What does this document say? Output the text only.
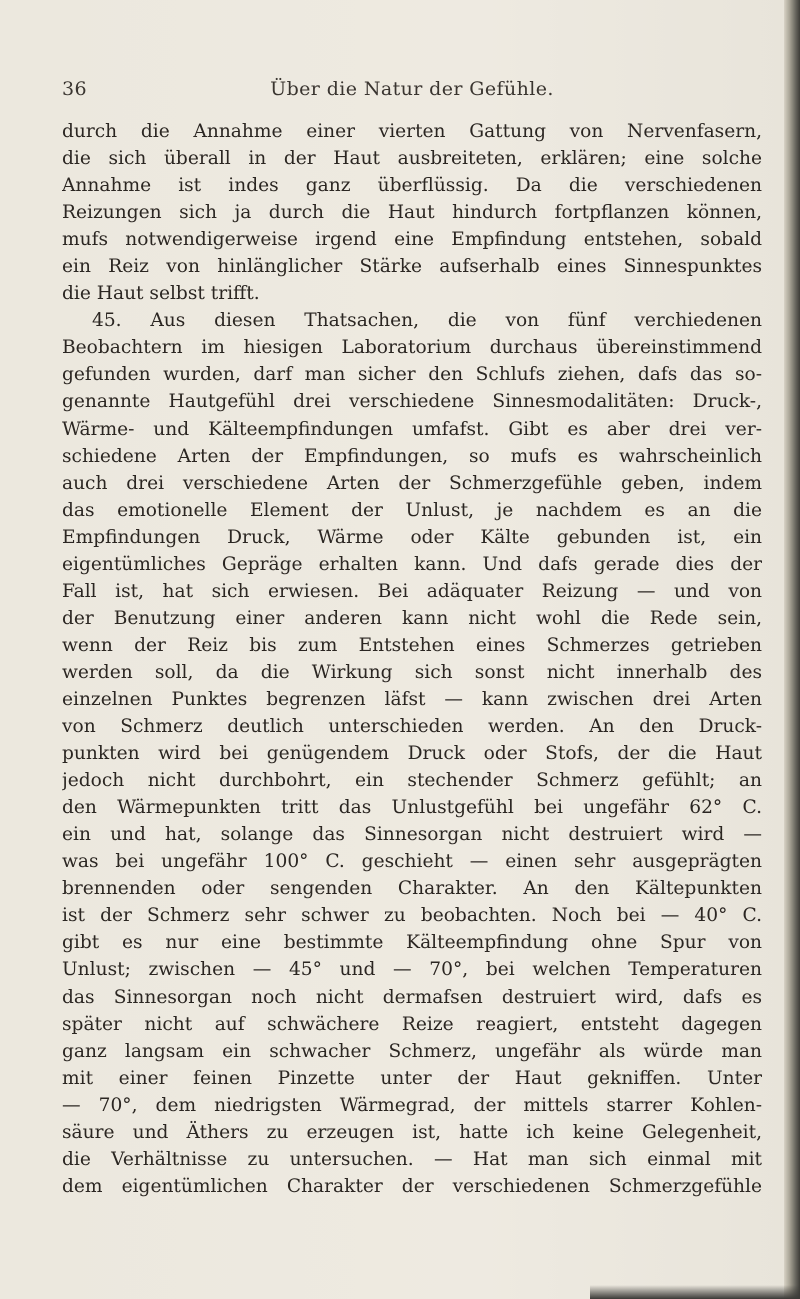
36	Über die Natur der Gefühle.
durch die Annahme einer vierten Gattung von Nervenfasern,
die sich überall in der Haut ausbreiteten, erklären; eine solche
Annahme ist indes ganz überflüssig. Da die verschiedenen
Reizungen sich ja durch die Haut hindurch fortpflanzen können,
mufs notwendigerweise irgend eine Empfindung entstehen, sobald
ein Reiz von hinlänglicher Stärke aufserhalb eines Sinnespunktes
die Haut selbst trifft.
45. Aus diesen Thatsachen, die von fünf verchiedenen
Beobachtern im hiesigen Laboratorium durchaus übereinstimmend
gefunden wurden, darf man sicher den Schlufs ziehen, dafs das so-
genannte Hautgefühl drei verschiedene Sinnesmodalitäten: Druck-,
Wärme- und Kälteempfindungen umfafst. Gibt es aber drei ver-
schiedene Arten der Empfindungen, so mufs es wahrscheinlich
auch drei verschiedene Arten der Schmerzgefühle geben, indem
das emotionelle Element der Unlust, je nachdem es an die
Empfindungen Druck, Wärme oder Kälte gebunden ist, ein
eigentümliches Gepräge erhalten kann. Und dafs gerade dies der
Fall ist, hat sich erwiesen. Bei adäquater Reizung — und von
der Benutzung einer anderen kann nicht wohl die Rede sein,
wenn der Reiz bis zum Entstehen eines Schmerzes getrieben
werden soll, da die Wirkung sich sonst nicht innerhalb des
einzelnen Punktes begrenzen läfst — kann zwischen drei Arten
von Schmerz deutlich unterschieden werden. An den Druck-
punkten wird bei genügendem Druck oder Stofs, der die Haut
jedoch nicht durchbohrt, ein stechender Schmerz gefühlt; an
den Wärmepunkten tritt das Unlustgefühl bei ungefähr 62° C.
ein und hat, solange das Sinnesorgan nicht destruiert wird —
was bei ungefähr 100° C. geschieht — einen sehr ausgeprägten
brennenden oder sengenden Charakter. An den Kältepunkten
ist der Schmerz sehr schwer zu beobachten. Noch bei — 40° C.
gibt es nur eine bestimmte Kälteempfindung ohne Spur von
Unlust; zwischen — 45° und — 70°, bei welchen Temperaturen
das Sinnesorgan noch nicht dermafsen destruiert wird, dafs es
später nicht auf schwächere Reize reagiert, entsteht dagegen
ganz langsam ein schwacher Schmerz, ungefähr als würde man
mit einer feinen Pinzette unter der Haut gekniffen. Unter
— 70°, dem niedrigsten Wärmegrad, der mittels starrer Kohlen-
säure und Äthers zu erzeugen ist, hatte ich keine Gelegenheit,
die Verhältnisse zu untersuchen. — Hat man sich einmal mit
dem eigentümlichen Charakter der verschiedenen Schmerzgefühle
